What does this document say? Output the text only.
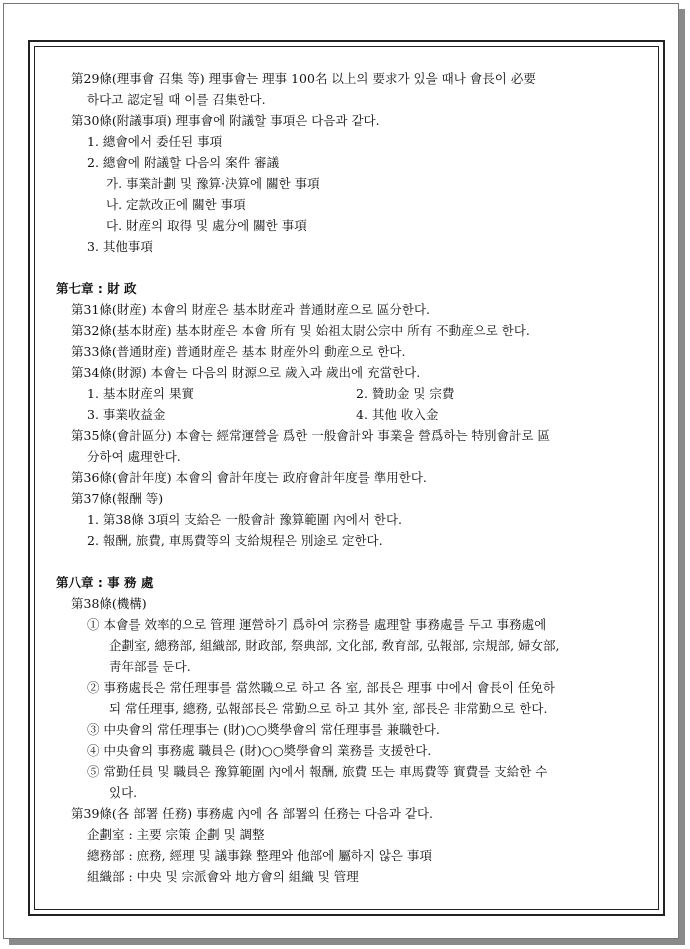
第29條(理事會 召集 等) 理事會는 理事 100名 以上의 要求가 있을 때나 會長이 必要
하다고 認定될 때 이를 召集한다.
第30條(附議事項) 理事會에 附議할 事項은 다음과 같다.
1. 總會에서 委任된 事項
2. 總會에 附議할 다음의 案件 審議
가. 事業計劃 및 豫算·決算에 關한 事項
나. 定款改正에 關한 事項
다. 財産의 取得 및 處分에 關한 事項
3. 其他事項
第七章 : 財 政
第31條(財産) 本會의 財産은 基本財産과 普通財産으로 區分한다.
第32條(基本財産) 基本財産은 本會 所有 및 始祖太尉公宗中 所有 不動産으로 한다.
第33條(普通財産) 普通財産은 基本 財産外의 動産으로 한다.
第34條(財源) 本會는 다음의 財源으로 歲入과 歲出에 充當한다.
1. 基本財産의 果實	2. 贊助金 및 宗費
3. 事業收益金	4. 其他 收入金
第35條(會計區分) 本會는 經常運營을 爲한 一般會計와 事業을 營爲하는 特別會計로 區
分하여 處理한다.
第36條(會計年度) 本會의 會計年度는 政府會計年度를 準用한다.
第37條(報酬 等)
1. 第38條 3項의 支給은 一般會計 豫算範圍 內에서 한다.
2. 報酬, 旅費, 車馬費等의 支給規程은 別途로 定한다.
第八章 : 事 務 處
第38條(機構)
① 本會를 效率的으로 管理 運營하기 爲하여 宗務를 處理할 事務處를 두고 事務處에
企劃室, 總務部, 組織部, 財政部, 祭典部, 文化部, 敎育部, 弘報部, 宗規部, 婦女部,
靑年部를 둔다.
② 事務處長은 常任理事를 當然職으로 하고 各 室, 部長은 理事 中에서 會長이 任免하
되 常任理事, 總務, 弘報部長은 常勤으로 하고 其外 室, 部長은 非常勤으로 한다.
③ 中央會의 常任理事는 (財)○○奬學會의 常任理事를 兼職한다.
④ 中央會의 事務處 職員은 (財)○○奬學會의 業務를 支援한다.
⑤ 常勤任員 및 職員은 豫算範圍 內에서 報酬, 旅費 또는 車馬費等 實費를 支給한 수
있다.
第39條(各 部署 任務) 事務處 內에 各 部署의 任務는 다음과 같다.
企劃室 : 主要 宗策 企劃 및 調整
總務部 : 庶務, 經理 및 議事錄 整理와 他部에 屬하지 않은 事項
組織部 : 中央 및 宗派會와 地方會의 組織 및 管理
